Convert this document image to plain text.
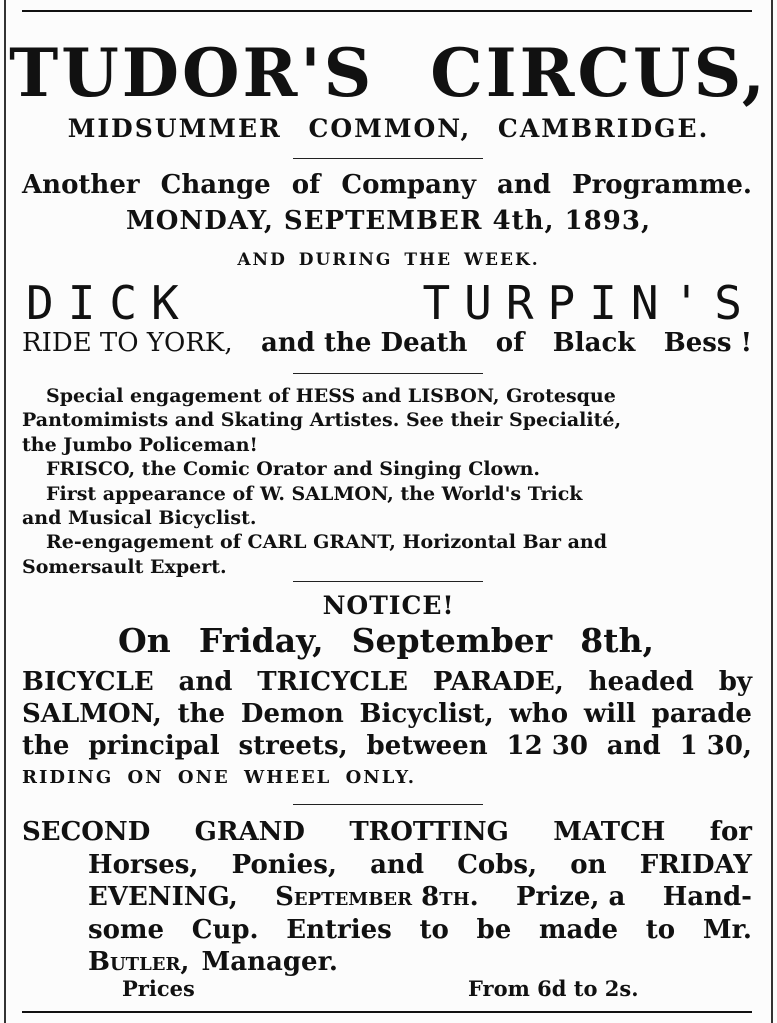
TUDOR'S CIRCUS,
MIDSUMMER COMMON, CAMBRIDGE.
Another Change of Company and Programme.
MONDAY, SEPTEMBER 4th, 1893,
AND DURING THE WEEK.
DICK	TURPIN'S
RIDE TO YORK, and the Death of Black Bess !
Special engagement of HESS and LISBON, Grotesque

Pantomimists and Skating Artistes. See their Specialité,
the Jumbo Policeman!
FRISCO, the Comic Orator and Singing Clown.
First appearance of W. SALMON, the World's Trick

and Musical Bicyclist.
Re-engagement of CARL GRANT, Horizontal Bar and

Somersault Expert.
NOTICE!
On Friday, September 8th,
BICYCLE and TRICYCLE PARADE, headed by
SALMON, the Demon Bicyclist, who will parade
the principal streets, between 12 30 and 1 30,
RIDING ON ONE WHEEL ONLY.
SECOND GRAND TROTTING MATCH for
Horses, Ponies, and Cobs, on FRIDAY
EVENING, September 8th. Prize, a Hand-
some Cup. Entries to be made to Mr.
Butler, Manager.
Prices	From 6d to 2s.
